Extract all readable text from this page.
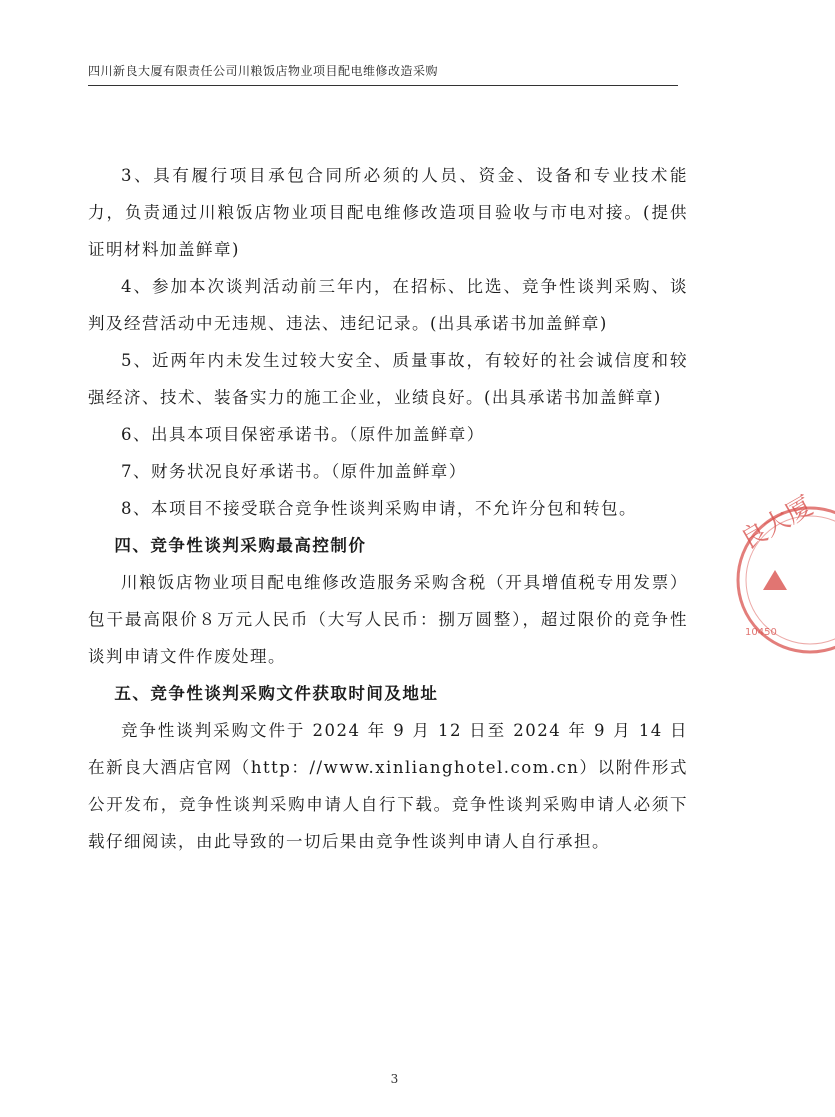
四川新良大厦有限责任公司川粮饭店物业项目配电维修改造采购

3、具有履行项目承包合同所必须的人员、资金、设备和专业技术能力，负责通过川粮饭店物业项目配电维修改造项目验收与市电对接。(提供证明材料加盖鲜章)

4、参加本次谈判活动前三年内，在招标、比选、竞争性谈判采购、谈判及经营活动中无违规、违法、违纪记录。(出具承诺书加盖鲜章)

5、近两年内未发生过较大安全、质量事故，有较好的社会诚信度和较强经济、技术、装备实力的施工企业，业绩良好。(出具承诺书加盖鲜章)

6、出具本项目保密承诺书。（原件加盖鲜章）

7、财务状况良好承诺书。（原件加盖鲜章）

8、本项目不接受联合竞争性谈判采购申请，不允许分包和转包。

四、竞争性谈判采购最高控制价

川粮饭店物业项目配电维修改造服务采购含税（开具增值税专用发票）包干最高限价８万元人民币（大写人民币：捌万圆整），超过限价的竞争性谈判申请文件作废处理。

五、竞争性谈判采购文件获取时间及地址

竞争性谈判采购文件于 2024 年 9 月 12 日至 2024 年 9 月 14 日在新良大酒店官网（http：//www.xinlianghotel.com.cn）以附件形式公开发布，竞争性谈判采购申请人自行下载。竞争性谈判采购申请人必须下载仔细阅读，由此导致的一切后果由竞争性谈判申请人自行承担。

良大厦
10450
3
